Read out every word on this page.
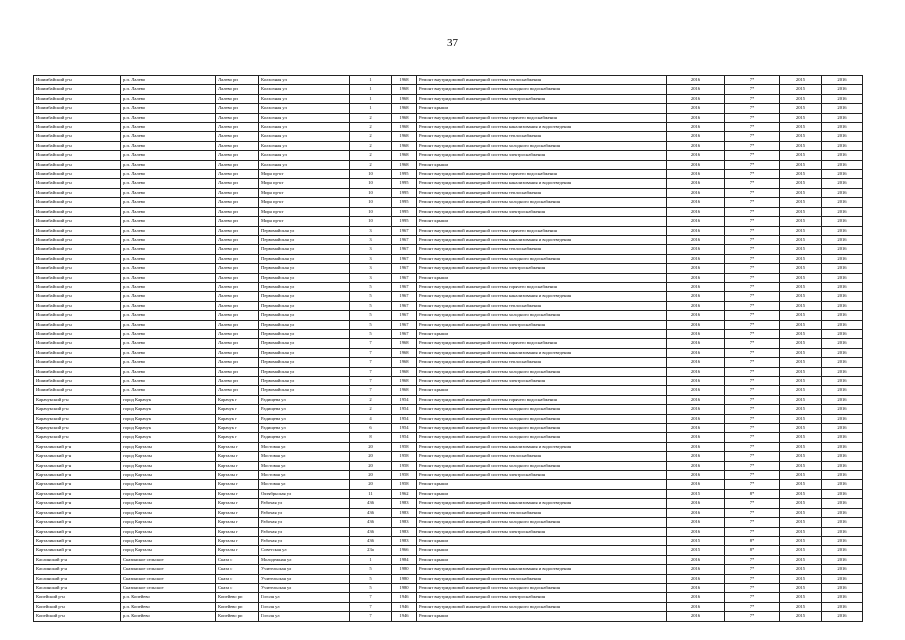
37
Ишимбайский р-н	р.п. Лалево	Лалево рп	Колхозная ул	1	1968	Ремонт внутридомовой инженерной системы теплоснабжения	2016	7*	2015	2016
Ишимбайский р-н	р.п. Лалево	Лалево рп	Колхозная ул	1	1968	Ремонт внутридомовой инженерной системы холодного водоснабжения	2016	7*	2015	2016
Ишимбайский р-н	р.п. Лалево	Лалево рп	Колхозная ул	1	1968	Ремонт внутридомовой инженерной системы электроснабжения	2016	7*	2015	2016
Ишимбайский р-н	р.п. Лалево	Лалево рп	Колхозная ул	1	1968	Ремонт крыши	2016	7*	2015	2016
Ишимбайский р-н	р.п. Лалево	Лалево рп	Колхозная ул	2	1968	Ремонт внутридомовой инженерной системы горячего водоснабжения	2016	7*	2015	2016
Ишимбайский р-н	р.п. Лалево	Лалево рп	Колхозная ул	2	1968	Ремонт внутридомовой инженерной системы канализования и водоотведения	2016	7*	2015	2016
Ишимбайский р-н	р.п. Лалево	Лалево рп	Колхозная ул	2	1968	Ремонт внутридомовой инженерной системы теплоснабжения	2016	7*	2015	2016
Ишимбайский р-н	р.п. Лалево	Лалево рп	Колхозная ул	2	1968	Ремонт внутридомовой инженерной системы холодного водоснабжения	2016	7*	2015	2016
Ишимбайский р-н	р.п. Лалево	Лалево рп	Колхозная ул	2	1968	Ремонт внутридомовой инженерной системы электроснабжения	2016	7*	2015	2016
Ишимбайский р-н	р.п. Лалево	Лалево рп	Колхозная ул	2	1968	Ремонт крыши	2016	7*	2015	2016
Ишимбайский р-н	р.п. Лалево	Лалево рп	Мира пр-кт	10	1995	Ремонт внутридомовой инженерной системы горячего водоснабжения	2016	7*	2015	2016
Ишимбайский р-н	р.п. Лалево	Лалево рп	Мира пр-кт	10	1995	Ремонт внутридомовой инженерной системы канализования и водоотведения	2016	7*	2015	2016
Ишимбайский р-н	р.п. Лалево	Лалево рп	Мира пр-кт	10	1995	Ремонт внутридомовой инженерной системы теплоснабжения	2016	7*	2015	2016
Ишимбайский р-н	р.п. Лалево	Лалево рп	Мира пр-кт	10	1995	Ремонт внутридомовой инженерной системы холодного водоснабжения	2016	7*	2015	2016
Ишимбайский р-н	р.п. Лалево	Лалево рп	Мира пр-кт	10	1995	Ремонт внутридомовой инженерной системы электроснабжения	2016	7*	2015	2016
Ишимбайский р-н	р.п. Лалево	Лалево рп	Мира пр-кт	10	1995	Ремонт крыши	2016	7*	2015	2016
Ишимбайский р-н	р.п. Лалево	Лалево рп	Первомайская ул	3	1967	Ремонт внутридомовой инженерной системы горячего водоснабжения	2016	7*	2015	2016
Ишимбайский р-н	р.п. Лалево	Лалево рп	Первомайская ул	3	1967	Ремонт внутридомовой инженерной системы канализования и водоотведения	2016	7*	2015	2016
Ишимбайский р-н	р.п. Лалево	Лалево рп	Первомайская ул	3	1967	Ремонт внутридомовой инженерной системы теплоснабжения	2016	7*	2015	2016
Ишимбайский р-н	р.п. Лалево	Лалево рп	Первомайская ул	3	1967	Ремонт внутридомовой инженерной системы холодного водоснабжения	2016	7*	2015	2016
Ишимбайский р-н	р.п. Лалево	Лалево рп	Первомайская ул	3	1967	Ремонт внутридомовой инженерной системы электроснабжения	2016	7*	2015	2016
Ишимбайский р-н	р.п. Лалево	Лалево рп	Первомайская ул	3	1967	Ремонт крыши	2016	7*	2015	2016
Ишимбайский р-н	р.п. Лалево	Лалево рп	Первомайская ул	5	1967	Ремонт внутридомовой инженерной системы горячего водоснабжения	2016	7*	2015	2016
Ишимбайский р-н	р.п. Лалево	Лалево рп	Первомайская ул	5	1967	Ремонт внутридомовой инженерной системы канализования и водоотведения	2016	7*	2015	2016
Ишимбайский р-н	р.п. Лалево	Лалево рп	Первомайская ул	5	1967	Ремонт внутридомовой инженерной системы теплоснабжения	2016	7*	2015	2016
Ишимбайский р-н	р.п. Лалево	Лалево рп	Первомайская ул	5	1967	Ремонт внутридомовой инженерной системы холодного водоснабжения	2016	7*	2015	2016
Ишимбайский р-н	р.п. Лалево	Лалево рп	Первомайская ул	5	1967	Ремонт внутридомовой инженерной системы электроснабжения	2016	7*	2015	2016
Ишимбайский р-н	р.п. Лалево	Лалево рп	Первомайская ул	5	1967	Ремонт крыши	2016	7*	2015	2016
Ишимбайский р-н	р.п. Лалево	Лалево рп	Первомайская ул	7	1968	Ремонт внутридомовой инженерной системы горячего водоснабжения	2016	7*	2015	2016
Ишимбайский р-н	р.п. Лалево	Лалево рп	Первомайская ул	7	1968	Ремонт внутридомовой инженерной системы канализования и водоотведения	2016	7*	2015	2016
Ишимбайский р-н	р.п. Лалево	Лалево рп	Первомайская ул	7	1968	Ремонт внутридомовой инженерной системы теплоснабжения	2016	7*	2015	2016
Ишимбайский р-н	р.п. Лалево	Лалево рп	Первомайская ул	7	1968	Ремонт внутридомовой инженерной системы холодного водоснабжения	2016	7*	2015	2016
Ишимбайский р-н	р.п. Лалево	Лалево рп	Первомайская ул	7	1968	Ремонт внутридомовой инженерной системы электроснабжения	2016	7*	2015	2016
Ишимбайский р-н	р.п. Лалево	Лалево рп	Первомайская ул	7	1968	Ремонт крыши	2016	7*	2015	2016
Карачукский р-н	город Карачук	Карачук г	Радищева ул	2	1954	Ремонт внутридомовой инженерной системы горячего водоснабжения	2016	7*	2015	2016
Карачукский р-н	город Карачук	Карачук г	Радищева ул	2	1954	Ремонт внутридомовой инженерной системы холодного водоснабжения	2016	7*	2015	2016
Карачукский р-н	город Карачук	Карачук г	Радищева ул	4	1954	Ремонт внутридомовой инженерной системы холодного водоснабжения	2016	7*	2015	2016
Карачукский р-н	город Карачук	Карачук г	Радищева ул	6	1954	Ремонт внутридомовой инженерной системы холодного водоснабжения	2016	7*	2015	2016
Карачукский р-н	город Карачук	Карачук г	Радищева ул	8	1954	Ремонт внутридомовой инженерной системы холодного водоснабжения	2016	7*	2015	2016
Карталинский р-н	город Карталы	Карталы г	Мостовая ул	20	1958	Ремонт внутридомовой инженерной системы канализования и водоотведения	2016	7*	2015	2016
Карталинский р-н	город Карталы	Карталы г	Мостовая ул	20	1958	Ремонт внутридомовой инженерной системы теплоснабжения	2016	7*	2015	2016
Карталинский р-н	город Карталы	Карталы г	Мостовая ул	20	1958	Ремонт внутридомовой инженерной системы холодного водоснабжения	2016	7*	2015	2016
Карталинский р-н	город Карталы	Карталы г	Мостовая ул	20	1958	Ремонт внутридомовой инженерной системы электроснабжения	2016	7*	2015	2016
Карталинский р-н	город Карталы	Карталы г	Мостовая ул	20	1958	Ремонт крыши	2016	7*	2015	2016
Карталинский р-н	город Карталы	Карталы г	Октябрьская ул	11	1962	Ремонт крыши	2015	8*	2015	2016
Карталинский р-н	город Карталы	Карталы г	Рабочая ул	436	1983	Ремонт внутридомовой инженерной системы канализования и водоотведения	2016	7*	2015	2016
Карталинский р-н	город Карталы	Карталы г	Рабочая ул	436	1983	Ремонт внутридомовой инженерной системы теплоснабжения	2016	7*	2015	2016
Карталинский р-н	город Карталы	Карталы г	Рабочая ул	436	1983	Ремонт внутридомовой инженерной системы холодного водоснабжения	2016	7*	2015	2016
Карталинский р-н	город Карталы	Карталы г	Рабочая ул	436	1983	Ремонт внутридомовой инженерной системы электроснабжения	2016	7*	2015	2016
Карталинский р-н	город Карталы	Карталы г	Рабочая ул	436	1983	Ремонт крыши	2015	8*	2015	2016
Карталинский р-н	город Карталы	Карталы г	Советская ул	23а	1966	Ремонт крыши	2015	8*	2015	2016
Каслинский р-н	Сказинское сельское	Сказа с	Молодежная ул	1	1984	Ремонт крыши	2016	7*	2015	2016
Каслинский р-н	Сказинское сельское	Сказа с	Учительская ул	5	1980	Ремонт внутридомовой инженерной системы канализования и водоотведения	2016	7*	2015	2016
Каслинский р-н	Сказинское сельское	Сказа с	Учительская ул	5	1980	Ремонт внутридомовой инженерной системы теплоснабжения	2016	7*	2015	2016
Каслинский р-н	Сказинское сельское	Сказа с	Учительская ул	5	1980	Ремонт внутридомовой инженерной системы холодного водоснабжения	2016	7*	2015	2016
Копейский р-н	р.п. Копейево	Копейево рп	Гоголя ул	7	1946	Ремонт внутридомовой инженерной системы электроснабжения	2016	7*	2015	2016
Копейский р-н	р.п. Копейево	Копейево рп	Гоголя ул	7	1946	Ремонт внутридомовой инженерной системы холодного водоснабжения	2016	7*	2015	2016
Копейский р-н	р.п. Копейево	Копейево рп	Гоголя ул	7	1946	Ремонт крыши	2016	7*	2015	2016
